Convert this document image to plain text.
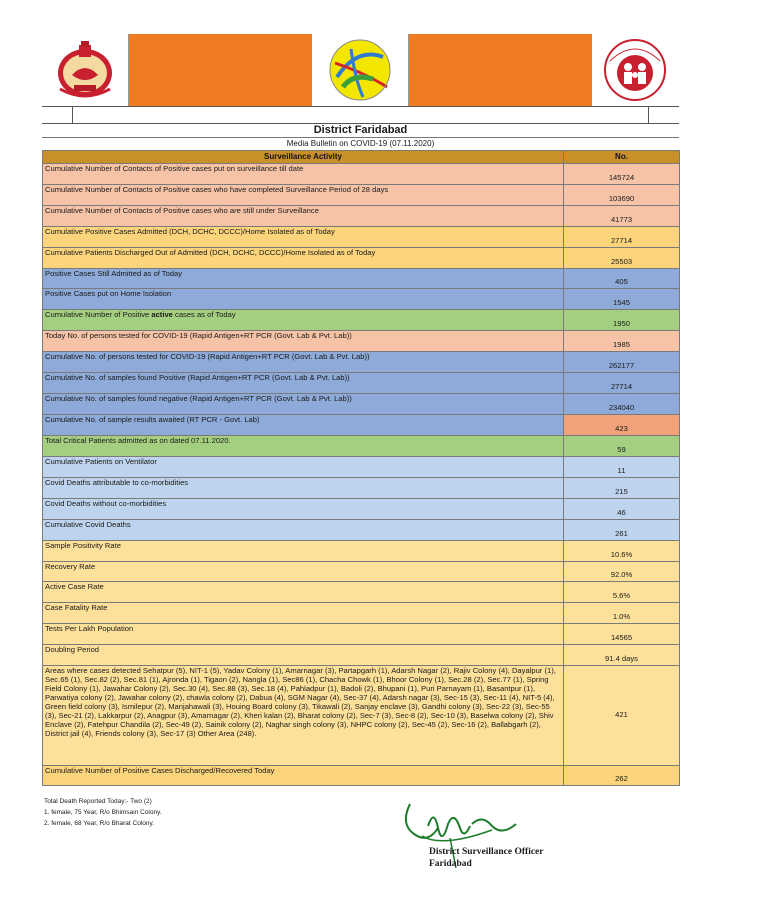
District Faridabad
Media Bulletin on COVID-19 (07.11.2020)
Surveillance Activity	No.
Cumulative Number of Contacts of Positive cases put on surveillance till date	145724
Cumulative Number of Contacts of Positive cases who have completed Surveillance Period of 28 days	103690
Cumulative Number of Contacts of Positive cases who are still under Surveillance	41773
Cumulative Positive Cases Admitted (DCH, DCHC, DCCC)/Home Isolated as of Today	27714
Cumulative Patients Discharged Out of Admitted (DCH, DCHC, DCCC)/Home Isolated as of Today	25503
Positive Cases Still Admitted as of Today	405
Positive Cases put on Home Isolation	1545
Cumulative Number of Positive active cases as of Today	1950
Today No. of persons tested for COVID-19 (Rapid Antigen+RT PCR (Govt. Lab & Pvt. Lab))	1985
Cumulative No. of persons tested for COVID-19 (Rapid Antigen+RT PCR (Govt. Lab & Pvt. Lab))	262177
Cumulative No. of samples found Positive (Rapid Antigen+RT PCR (Govt. Lab & Pvt. Lab))	27714
Cumulative No. of samples found negative (Rapid Antigen+RT PCR (Govt. Lab & Pvt. Lab))	234040
Cumulative No. of sample results awaited (RT PCR - Govt. Lab)	423
Total Critical Patients admitted as on dated 07.11.2020.	59
Cumulative Patients on Ventilator	11
Covid Deaths attributable to co-morbidities	215
Covid Deaths without co-morbidities	46
Cumulative Covid Deaths	261
Sample Positivity Rate	10.6%
Recovery Rate	92.0%
Active Case Rate	5.6%
Case Fatality Rate	1.0%
Tests Per Lakh Population	14565
Doubling Period	91.4 days
Areas where cases detected Sehatpur (5), NIT-1 (5), Yadav Colony (1), Amarnagar (3), Partapgarh (1), Adarsh Nagar (2), Rajiv Colony (4), Dayalpur (1), Sec.65 (1), Sec.82 (2), Sec.81 (1), Ajronda (1), Tigaon (2), Nangla (1), Sec86 (1), Chacha Chowk (1), Bhoor Colony (1), Sec.28 (2), Sec.77 (1), Spring Field Colony (1), Jawahar Colony (2), Sec.30 (4), Sec.88 (3), Sec.18 (4), Pahladpur (1), Badoli (2), Bhupani (1), Puri Parnayam (1), Basantpur (1), Parwatiya colony (2), Jawahar colony (2), chawla colony (2), Dabua (4), SGM Nagar (4), Sec-37 (4), Adarsh nagar (3), Sec-15 (3), Sec-11 (4), NIT-5 (4), Green field colony (3), Ismilepur (2), Manjahawali (3), Houing Board colony (3), Tikawali (2), Sanjay enclave (3), Gandhi colony (3), Sec-22 (3), Sec-55 (3), Sec-21 (2), Lakkarpur (2), Anagpur (3), Amarnagar (2), Kheri kalan (2), Bharat colony (2), Sec-7 (3), Sec-8 (2), Sec-10 (3), Baselwa colony (2), Shiv Enclave (2), Fatehpur Chandila (2), Sec-49 (2), Sainik colony (2), Naghar singh colony (3), NHPC colony (2), Sec-45 (2), Sec-16 (2), Ballabgarh (2), District jail (4), Friends colony (3), Sec-17 (3) Other Area (248).	421
Cumulative Number of Positive Cases Discharged/Recovered Today	262
Total Death Reported Today:- Two (2)
1. female, 75 Year, R/o Bhimsain Colony.
2. female, 68 Year, R/o Bharat Colony.
District Surveillance Officer
Faridabad
